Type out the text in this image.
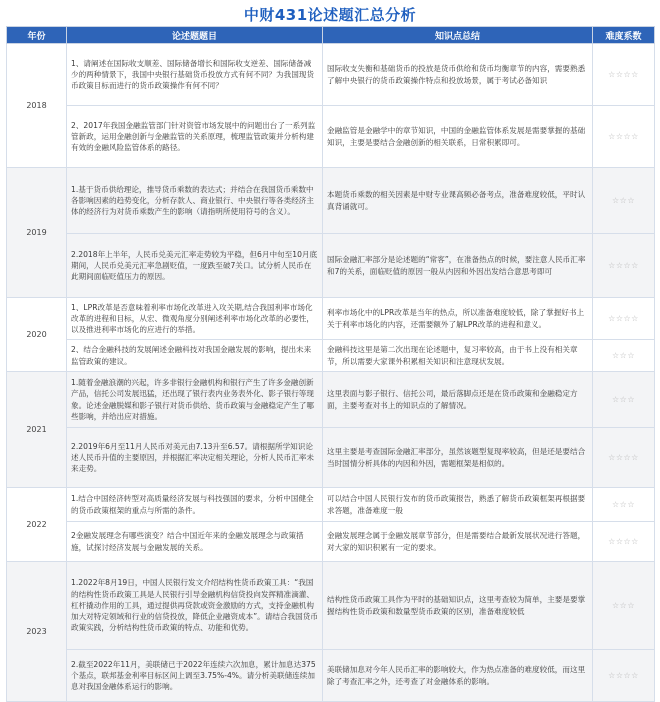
中财431论述题汇总分析
年份	论述题题目	知识点总结	难度系数
2018	1、请阐述在国际收支顺差、国际储备增长和国际收支逆差、国际储备减少的两种情景下，我国中央银行基础货币投放方式有何不同？为我国现货币政策目标而进行的货币政策操作有何不同？	国际收支失衡和基础货币的投放是货币供给和货币均衡章节的内容，需要熟悉了解中央银行的货币政策操作特点和投放场景，属于考试必备知识	☆☆☆☆
	2、2017年我国金融监管部门针对资管市场发展中的问题出台了一系列监管新政，运用金融创新与金融监管的关系原理，梳理监管政策并分析构建有效的金融风险监管体系的路径。	金融监管是金融学中的章节知识，中国的金融监管体系发展是需要掌握的基础知识，主要是要结合金融创新的相关联系，日常积累即可。	☆☆☆☆
2019	1.基于货币供给理论，推导货币乘数的表达式；并结合在我国货币乘数中各影响因素的趋势变化，分析存款人、商业银行、中央银行等各类经济主体的经济行为对货币乘数产生的影响（请指明所使用符号的含义）。	本题货币乘数的相关因素是中财专业课高频必备考点，准备难度较低，平时认真背诵就可。	☆☆☆
	2.2018年上半年，人民币兑美元汇率走势较为平稳，但6月中旬至10月底期间，人民币兑美元汇率急剧贬值，一度跌至破7关口。试分析人民币在此期间面临贬值压力的原因。	国际金融汇率部分是论述题的“常客”，在准备热点的时候，要注意人民币汇率和7的关系，面临贬值的原因一般从内因和外因出发结合意思考即可	☆☆☆☆
2020	1、LPR改革是否意味着利率市场化改革进入攻关期,结合我国利率市场化改革的进程和目标，从宏、微观角度分别阐述利率市场化改革的必要性，以及推进利率市场化的应进行的举措。	利率市场化中的LPR改革是当年的热点，所以准备难度较低，除了掌握好书上关于利率市场化的内容，还需要额外了解LPR改革的进程和意义。	☆☆☆☆
	2、结合金融科技的发展阐述金融科技对我国金融发展的影响，提出未来监管政策的建议。	金融科技这里是第二次出现在论述题中，复习率较高，由于书上没有相关章节，所以需要大家课外积累相关知识和注意现状发展。	☆☆☆
2021	1.随着金融浪潮的兴起，许多非银行金融机构和银行产生了许多金融创新产品，信托公司发展迅猛，还出现了银行表内业务表外化、影子银行等现象。论述金融脱媒和影子银行对货币供给、货币政策与金融稳定产生了哪些影响，并给出应对措施。	这里表面与影子银行、信托公司，最后落脚点还是在货币政策和金融稳定方面，主要考查对书上的知识点的了解情况。	☆☆☆
	2.2019年6月至11月人民币对美元由7.13升至6.57。请根据所学知识论述人民币升值的主要原因，并根据汇率决定相关理论，分析人民币汇率未来走势。	这里主要是考查国际金融汇率部分，虽然该题型复现率较高，但是还是要结合当时国情分析具体的内因和外因，需题框架是相似的。	☆☆☆☆
2022	1.结合中国经济转型对高质量经济发展与科技强国的要求，分析中国健全的货币政策框架的重点与所需的条件。	可以结合中国人民银行发布的货币政策报告，熟悉了解货币政策框架再根据要求答题，准备难度一般	☆☆☆
	2金融发展理念有哪些演变？结合中国近年来的金融发展理念与政策措施，试探讨经济发展与金融发展的关系。	金融发展理念属于金融发展章节部分，但是需要结合最新发展状况进行答题，对大家的知识积累有一定的要求。	☆☆☆☆
2023	1.2022年8月19日，中国人民银行发文介绍结构性货币政策工具：“我国的结构性货币政策工具是人民银行引导金融机构信贷投向发挥精准滴灌、杠杆撬动作用的工具，通过提供再贷款或资金激励的方式，支持金融机构加大对特定领域和行业的信贷投放，降低企业融资成本”。请结合我国货币政策实践，分析结构性货币政策的特点、功能和优势。	结构性货币政策工具作为平时的基础知识点，这里考查较为简单，主要是要掌握结构性货币政策和数量型货币政策的区别，准备难度较低	☆☆☆
	2.截至2022年11月，美联储已于2022年连续六次加息，累计加息达375个基点，联邦基金利率目标区间上调至3.75%-4%。请分析美联储连续加息对我国金融体系运行的影响。	美联储加息对今年人民币汇率的影响较大，作为热点准备的难度较低，而这里除了考查汇率之外，还考查了对金融体系的影响。	☆☆☆☆
